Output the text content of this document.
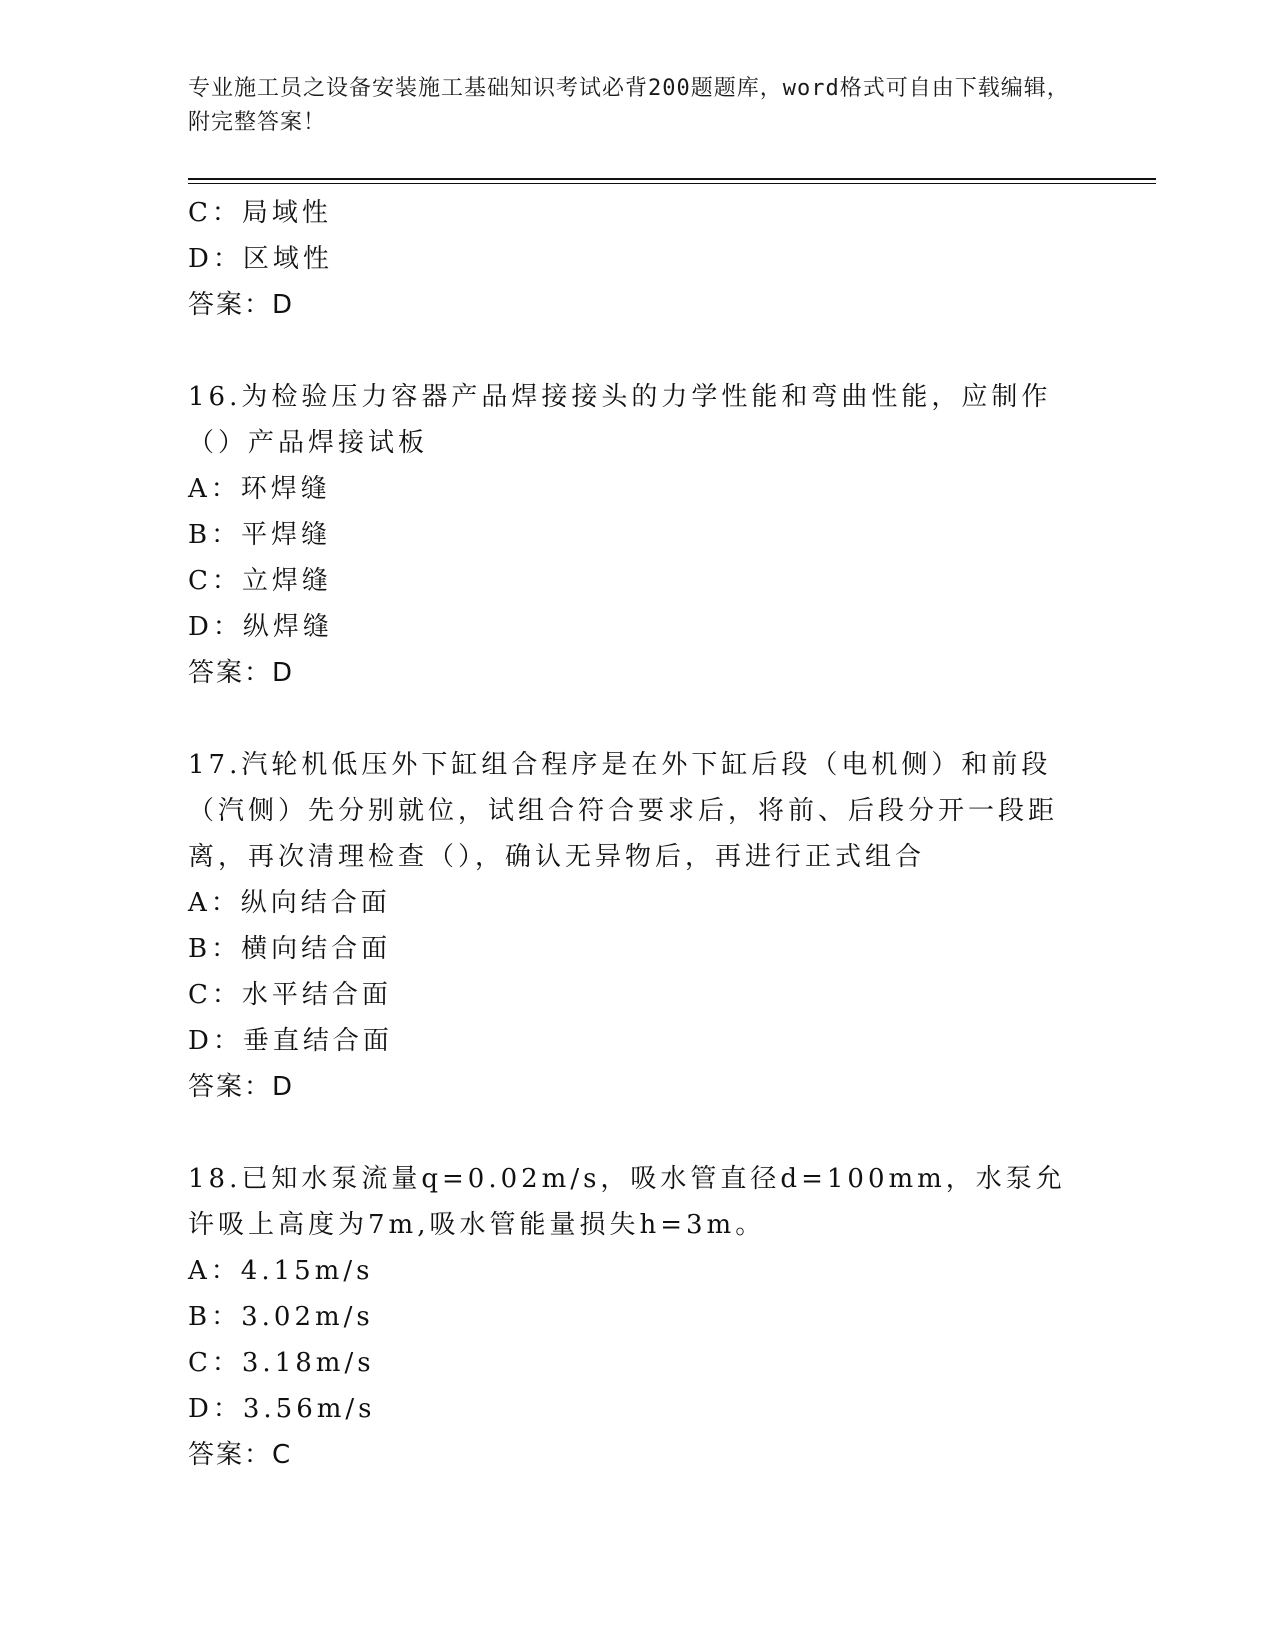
专业施工员之设备安装施工基础知识考试必背200题题库，word格式可自由下载编辑，附完整答案！
C：局域性
D：区域性
答案：D
16.为检验压力容器产品焊接接头的力学性能和弯曲性能，应制作（）产品焊接试板
A：环焊缝
B：平焊缝
C：立焊缝
D：纵焊缝
答案：D
17.汽轮机低压外下缸组合程序是在外下缸后段（电机侧）和前段（汽侧）先分别就位，试组合符合要求后，将前、后段分开一段距离，再次清理检查（），确认无异物后，再进行正式组合
A：纵向结合面
B：横向结合面
C：水平结合面
D：垂直结合面
答案：D
18.已知水泵流量q=0.02m/s，吸水管直径d=100mm，水泵允许吸上高度为7m,吸水管能量损失h=3m。
A：4.15m/s
B：3.02m/s
C：3.18m/s
D：3.56m/s
答案：C
